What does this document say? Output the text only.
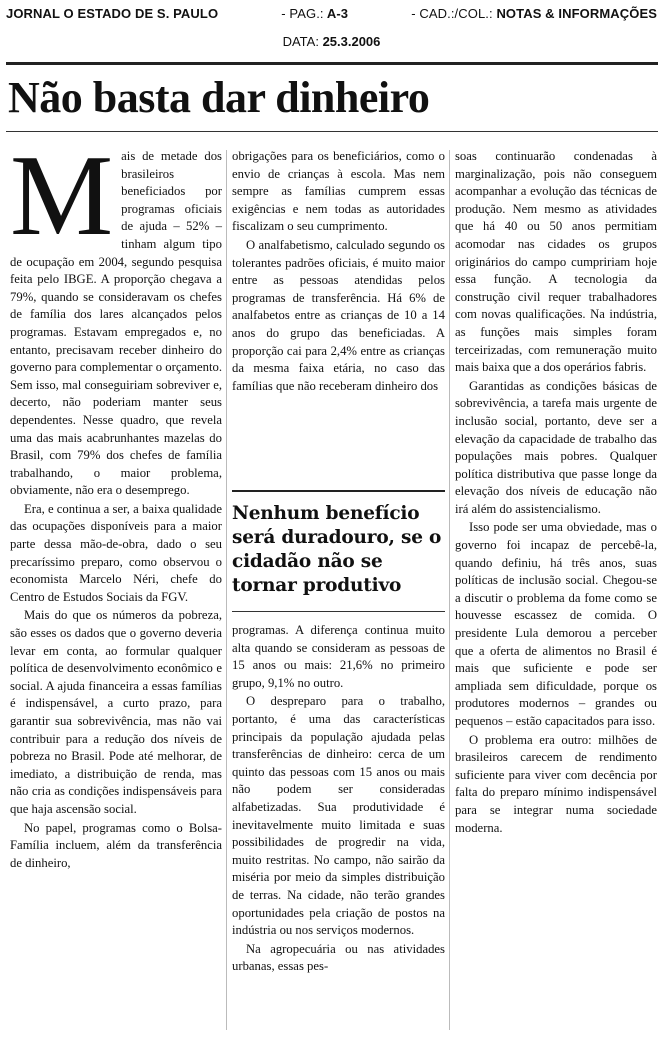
JORNAL O ESTADO DE S. PAULO	- PAG.: A-3	- CAD.:/COL.: NOTAS & INFORMAÇÕES
DATA: 25.3.2006
Não basta dar dinheiro

Mais de metade dos brasileiros beneficiados por programas oficiais de ajuda – 52% – tinham algum tipo de ocupação em 2004, segundo pesquisa feita pelo IBGE. A proporção chegava a 79%, quando se consideravam os chefes de família dos lares alcançados pelos programas. Estavam empregados e, no entanto, precisavam receber dinheiro do governo para complementar o orçamento. Sem isso, mal conseguiriam sobreviver e, decerto, não poderiam manter seus dependentes. Nesse quadro, que revela uma das mais acabrunhantes mazelas do Brasil, com 79% dos chefes de família trabalhando, o maior problema, obviamente, não era o desemprego.

Era, e continua a ser, a baixa qualidade das ocupações disponíveis para a maior parte dessa mão-de-obra, dado o seu precaríssimo preparo, como observou o economista Marcelo Néri, chefe do Centro de Estudos Sociais da FGV.

Mais do que os números da pobreza, são esses os dados que o governo deveria levar em conta, ao formular qualquer política de desenvolvimento econômico e social. A ajuda financeira a essas famílias é indispensável, a curto prazo, para garantir sua sobrevivência, mas não vai contribuir para a redução dos níveis de pobreza no Brasil. Pode até melhorar, de imediato, a distribuição de renda, mas não cria as condições indispensáveis para que haja ascensão social.

No papel, programas como o Bolsa-Família incluem, além da transferência de dinheiro,

obrigações para os beneficiários, como o envio de crianças à escola. Mas nem sempre as famílias cumprem essas exigências e nem todas as autoridades fiscalizam o seu cumprimento.

O analfabetismo, calculado segundo os tolerantes padrões oficiais, é muito maior entre as pessoas atendidas pelos programas de transferência. Há 6% de analfabetos entre as crianças de 10 a 14 anos do grupo das beneficiadas. A proporção cai para 2,4% entre as crianças da mesma faixa etária, no caso das famílias que não receberam dinheiro dos

Nenhum benefício será duradouro, se o cidadão não se tornar produtivo

programas. A diferença continua muito alta quando se consideram as pessoas de 15 anos ou mais: 21,6% no primeiro grupo, 9,1% no outro.

O despreparo para o trabalho, portanto, é uma das características principais da população ajudada pelas transferências de dinheiro: cerca de um quinto das pessoas com 15 anos ou mais não podem ser consideradas alfabetizadas. Sua produtividade é inevitavelmente muito limitada e suas possibilidades de progredir na vida, muito restritas. No campo, não sairão da miséria por meio da simples distribuição de terras. Na cidade, não terão grandes oportunidades pela criação de postos na indústria ou nos serviços modernos.

Na agropecuária ou nas atividades urbanas, essas pes-

soas continuarão condenadas à marginalização, pois não conseguem acompanhar a evolução das técnicas de produção. Nem mesmo as atividades que há 40 ou 50 anos permitiam acomodar nas cidades os grupos originários do campo cumpririam hoje essa função. A tecnologia da construção civil requer trabalhadores com novas qualificações. Na indústria, as funções mais simples foram terceirizadas, com remuneração muito mais baixa que a dos operários fabris.

Garantidas as condições básicas de sobrevivência, a tarefa mais urgente de inclusão social, portanto, deve ser a elevação da capacidade de trabalho das populações mais pobres. Qualquer política distributiva que passe longe da elevação dos níveis de educação não irá além do assistencialismo.

Isso pode ser uma obviedade, mas o governo foi incapaz de percebê-la, quando definiu, há três anos, suas políticas de inclusão social. Chegou-se a discutir o problema da fome como se houvesse escassez de comida. O presidente Lula demorou a perceber que a oferta de alimentos no Brasil é mais que suficiente e pode ser ampliada sem dificuldade, porque os produtores modernos – grandes ou pequenos – estão capacitados para isso.

O problema era outro: milhões de brasileiros carecem de rendimento suficiente para viver com decência por falta do preparo mínimo indispensável para se integrar numa sociedade moderna.
